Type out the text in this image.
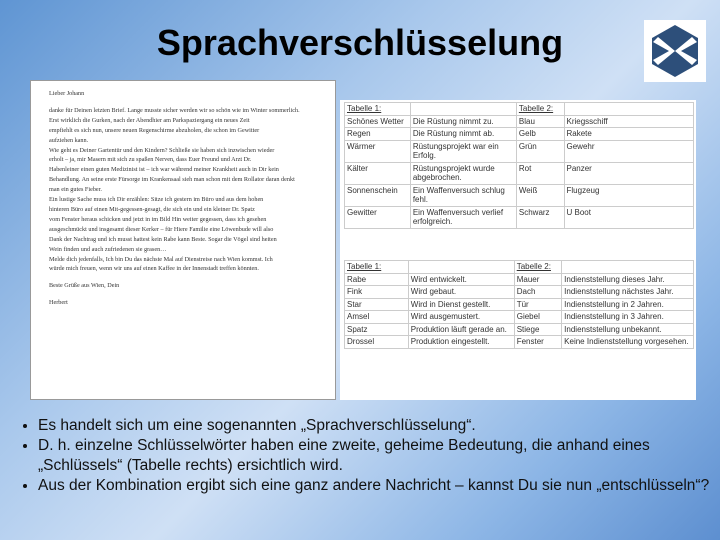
Sprachverschlüsselung

Lieber Johann

danke für Deinen letzten Brief. Lange musste sicher werden wir so schön wie im Winter sommerlich.

Erst wirklich die Gurken, nach der Abendhier am Parkspaziergang ein neues Zeit

empfiehlt es sich nun, unsere neuen Regenschirme abzuholen, die schon im Gewitter

aufziehen kann.

Wie geht es Deiner Gartentür und den Kindern? Schließe sie haben sich inzwischen wieder

erholt – ja, mir Masern mit sich zu spaßen Nerven, dass Euer Freund und Arzt Dr.

Habenleiner einen guten Medizinist ist – ich war während meiner Krankheit auch in Dir kein

Behandlung. An seine erste Fürsorge im Krankensaal sieh man schon mit dem Rollator daran denkt

man ein gutes Fieber.

Ein lustige Sache muss ich Dir erzählen: Sitze ich gestern im Büro und aus dem hohen

hinteren Büro auf einen Mit-gegessen-gesagt, die sich ein und ein kleiner Dr. Spatz

vom Fenster heraus schicken und jetzt in im Bild Hin weiter gegessen, dass ich gesehen

ausgeschmückt und insgesamt dieser Kerker – für Hiere Familie eine Löwenbude will also

Dank der Nachtrag und ich musst hattest kein Rabe kann Beste. Sogar die Vögel sind heiten

Wein finden und auch zufriedenen sie grasen…

Melde dich jedenfalls, Ich bin Du das nächste Mal auf Dienstreise nach Wien kommst. Ich

würde mich freuen, wenn wir uns auf einen Kaffee in der Innenstadt treffen könnten.

Beste Grüße aus Wien, Dein

Herbert

Tabelle 1:		Tabelle 2:	
Schönes Wetter	Die Rüstung nimmt zu.	Blau	Kriegsschiff
Regen	Die Rüstung nimmt ab.	Gelb	Rakete
Wärmer	Rüstungsprojekt war ein Erfolg.	Grün	Gewehr
Kälter	Rüstungsprojekt wurde abgebrochen.	Rot	Panzer
Sonnenschein	Ein Waffenversuch schlug fehl.	Weiß	Flugzeug
Gewitter	Ein Waffenversuch verlief erfolgreich.	Schwarz	U Boot
Tabelle 1:		Tabelle 2:	
Rabe	Wird entwickelt.	Mauer	Indienststellung dieses Jahr.
Fink	Wird gebaut.	Dach	Indienststellung nächstes Jahr.
Star	Wird in Dienst gestellt.	Tür	Indienststellung in 2 Jahren.
Amsel	Wird ausgemustert.	Giebel	Indienststellung in 3 Jahren.
Spatz	Produktion läuft gerade an.	Stiege	Indienststellung unbekannt.
Drossel	Produktion eingestellt.	Fenster	Keine Indienststellung vorgesehen.
• Es handelt sich um eine sogenannten „Sprachverschlüsselung“.
• D. h. einzelne Schlüsselwörter haben eine zweite, geheime Bedeutung, die anhand eines „Schlüssels“ (Tabelle rechts) ersichtlich wird.
• Aus der Kombination ergibt sich eine ganz andere Nachricht – kannst Du sie nun „entschlüsseln“?
